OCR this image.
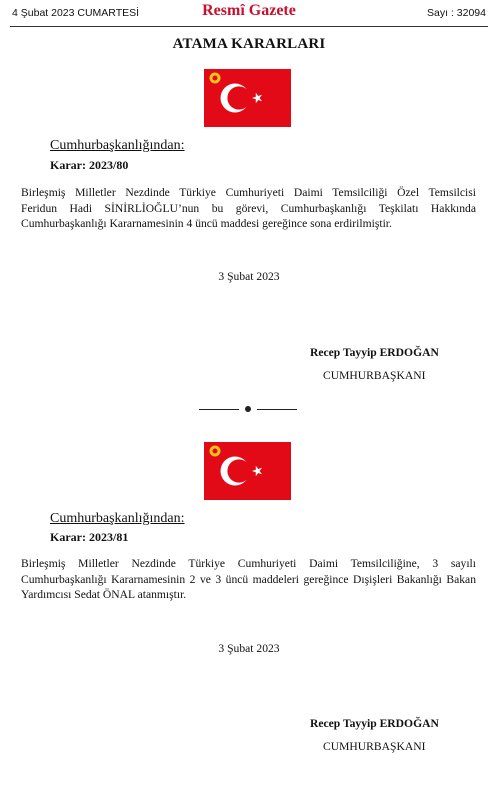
4 Şubat 2023 CUMARTESİ	Resmî Gazete	Sayı : 32094
ATAMA KARARLARI
Cumhurbaşkanlığından:
Karar: 2023/80
Birleşmiş Milletler Nezdinde Türkiye Cumhuriyeti Daimi Temsilciliği Özel Temsilcisi
Feridun Hadi SİNİRLİOĞLU’nun bu görevi, Cumhurbaşkanlığı Teşkilatı Hakkında
Cumhurbaşkanlığı Kararnamesinin 4 üncü maddesi gereğince sona erdirilmiştir.
3 Şubat 2023
Recep Tayyip ERDOĞAN
CUMHURBAŞKANI
Cumhurbaşkanlığından:
Karar: 2023/81
Birleşmiş Milletler Nezdinde Türkiye Cumhuriyeti Daimi Temsilciliğine, 3 sayılı
Cumhurbaşkanlığı Kararnamesinin 2 ve 3 üncü maddeleri gereğince Dışişleri Bakanlığı Bakan
Yardımcısı Sedat ÖNAL atanmıştır.
3 Şubat 2023
Recep Tayyip ERDOĞAN
CUMHURBAŞKANI
